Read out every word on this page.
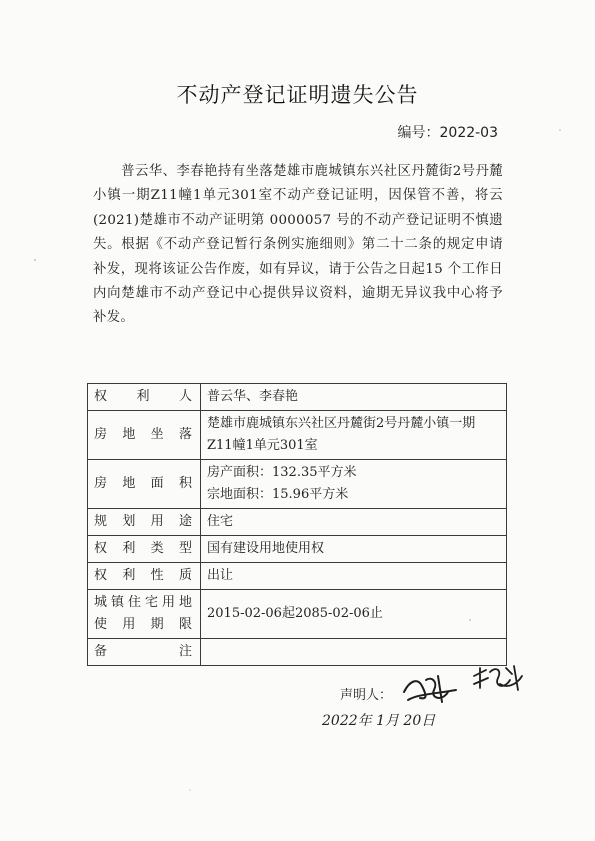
不动产登记证明遗失公告
编号：2022-03

普云华、李春艳持有坐落楚雄市鹿城镇东兴社区丹麓街2号丹麓小镇一期Z11幢1单元301室不动产登记证明，因保管不善，将云(2021)楚雄市不动产证明第 0000057 号的不动产登记证明不慎遗失。根据《不动产登记暂行条例实施细则》第二十二条的规定申请补发，现将该证公告作废，如有异议，请于公告之日起15 个工作日内向楚雄市不动产登记中心提供异议资料，逾期无异议我中心将予补发。

权　利　人	普云华、李春艳
房地坐落	楚雄市鹿城镇东兴社区丹麓街2号丹麓小镇一期Z11幢1单元301室
房地面积	房产面积：132.35平方米
宗地面积：15.96平方米

规划用途	住宅
权利类型	国有建设用地使用权
权利性质	出让

城镇住宅用地
使用期限	2015-02-06起2085-02-06止
备注	
声明人：
2022年 1月 20日
